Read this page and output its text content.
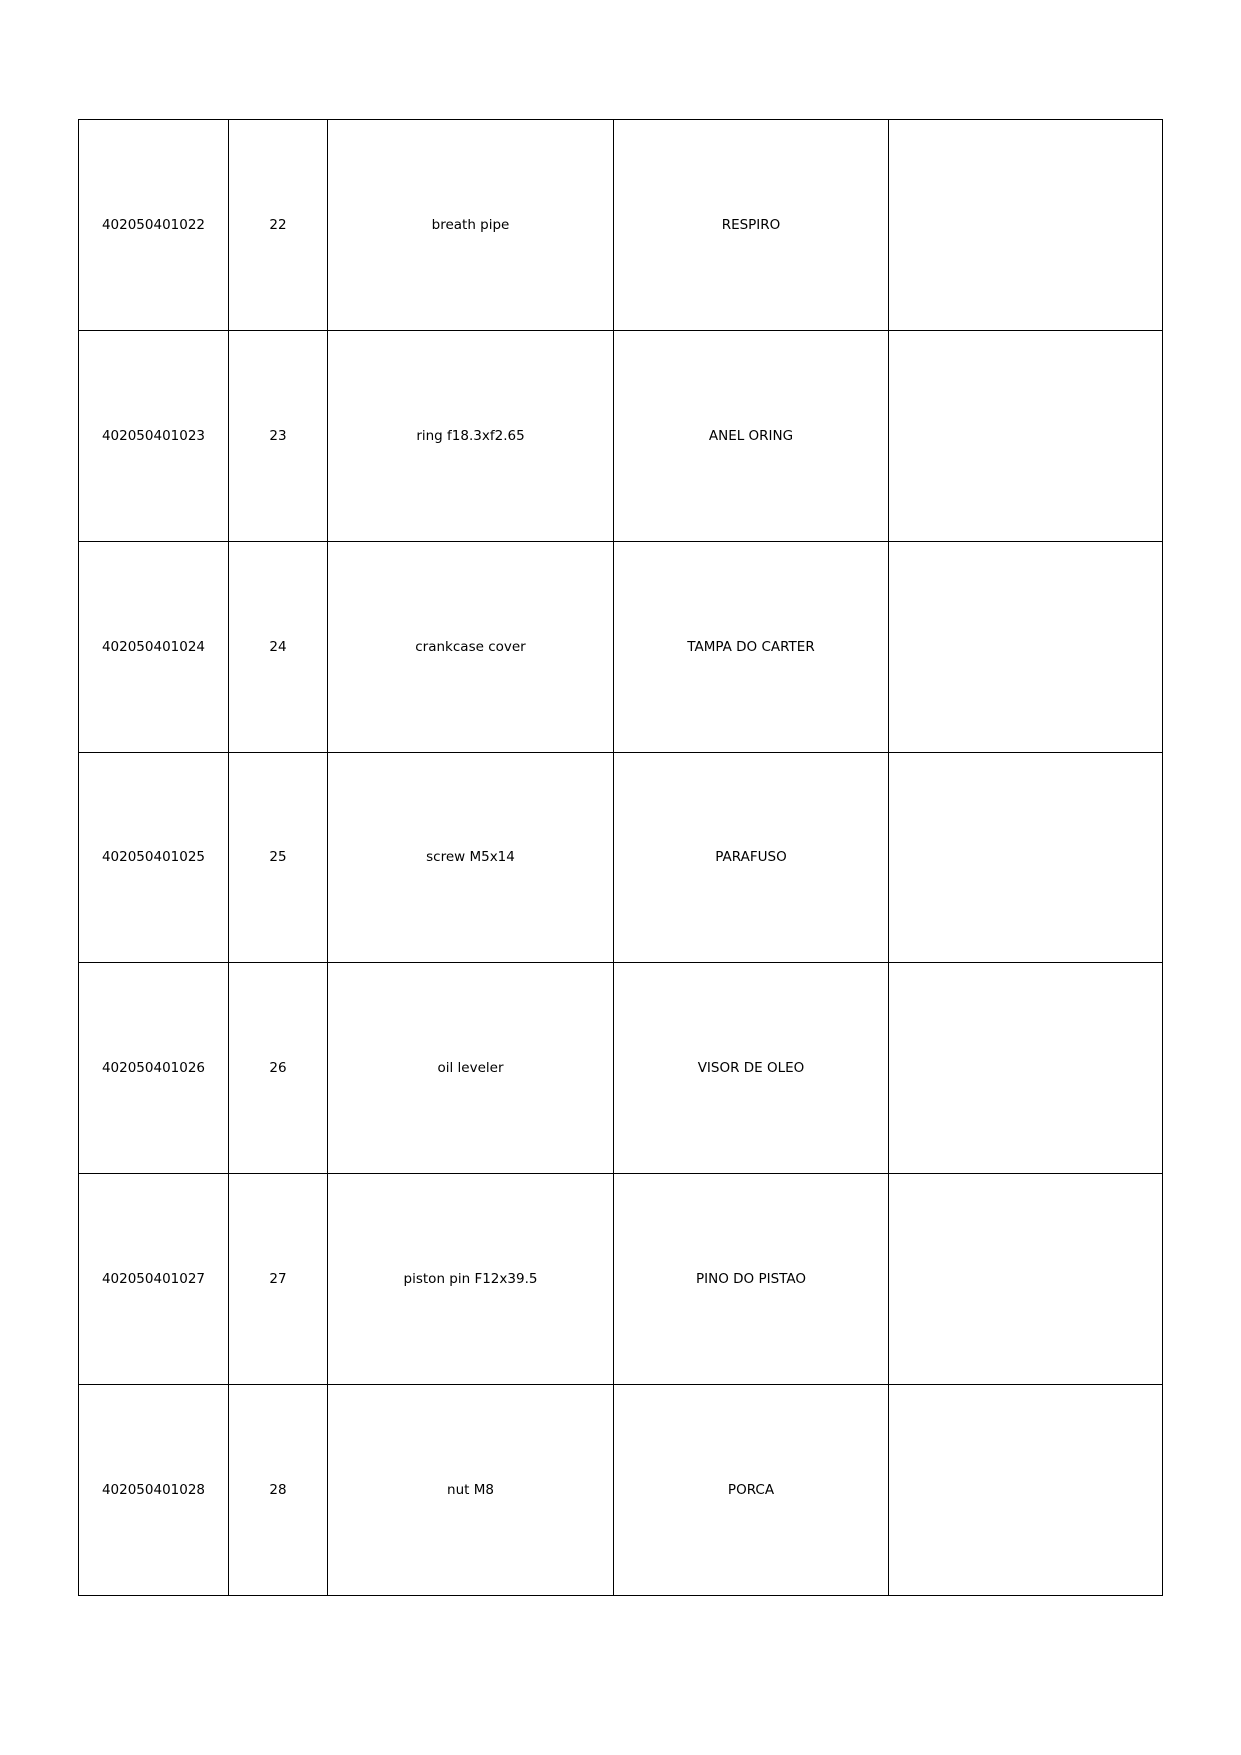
402050401022	22	breath pipe	RESPIRO	
402050401023	23	ring f18.3xf2.65	ANEL ORING	
402050401024	24	crankcase cover	TAMPA DO CARTER	
402050401025	25	screw M5x14	PARAFUSO	
402050401026	26	oil leveler	VISOR DE OLEO	
402050401027	27	piston pin F12x39.5	PINO DO PISTAO	
402050401028	28	nut M8	PORCA	
